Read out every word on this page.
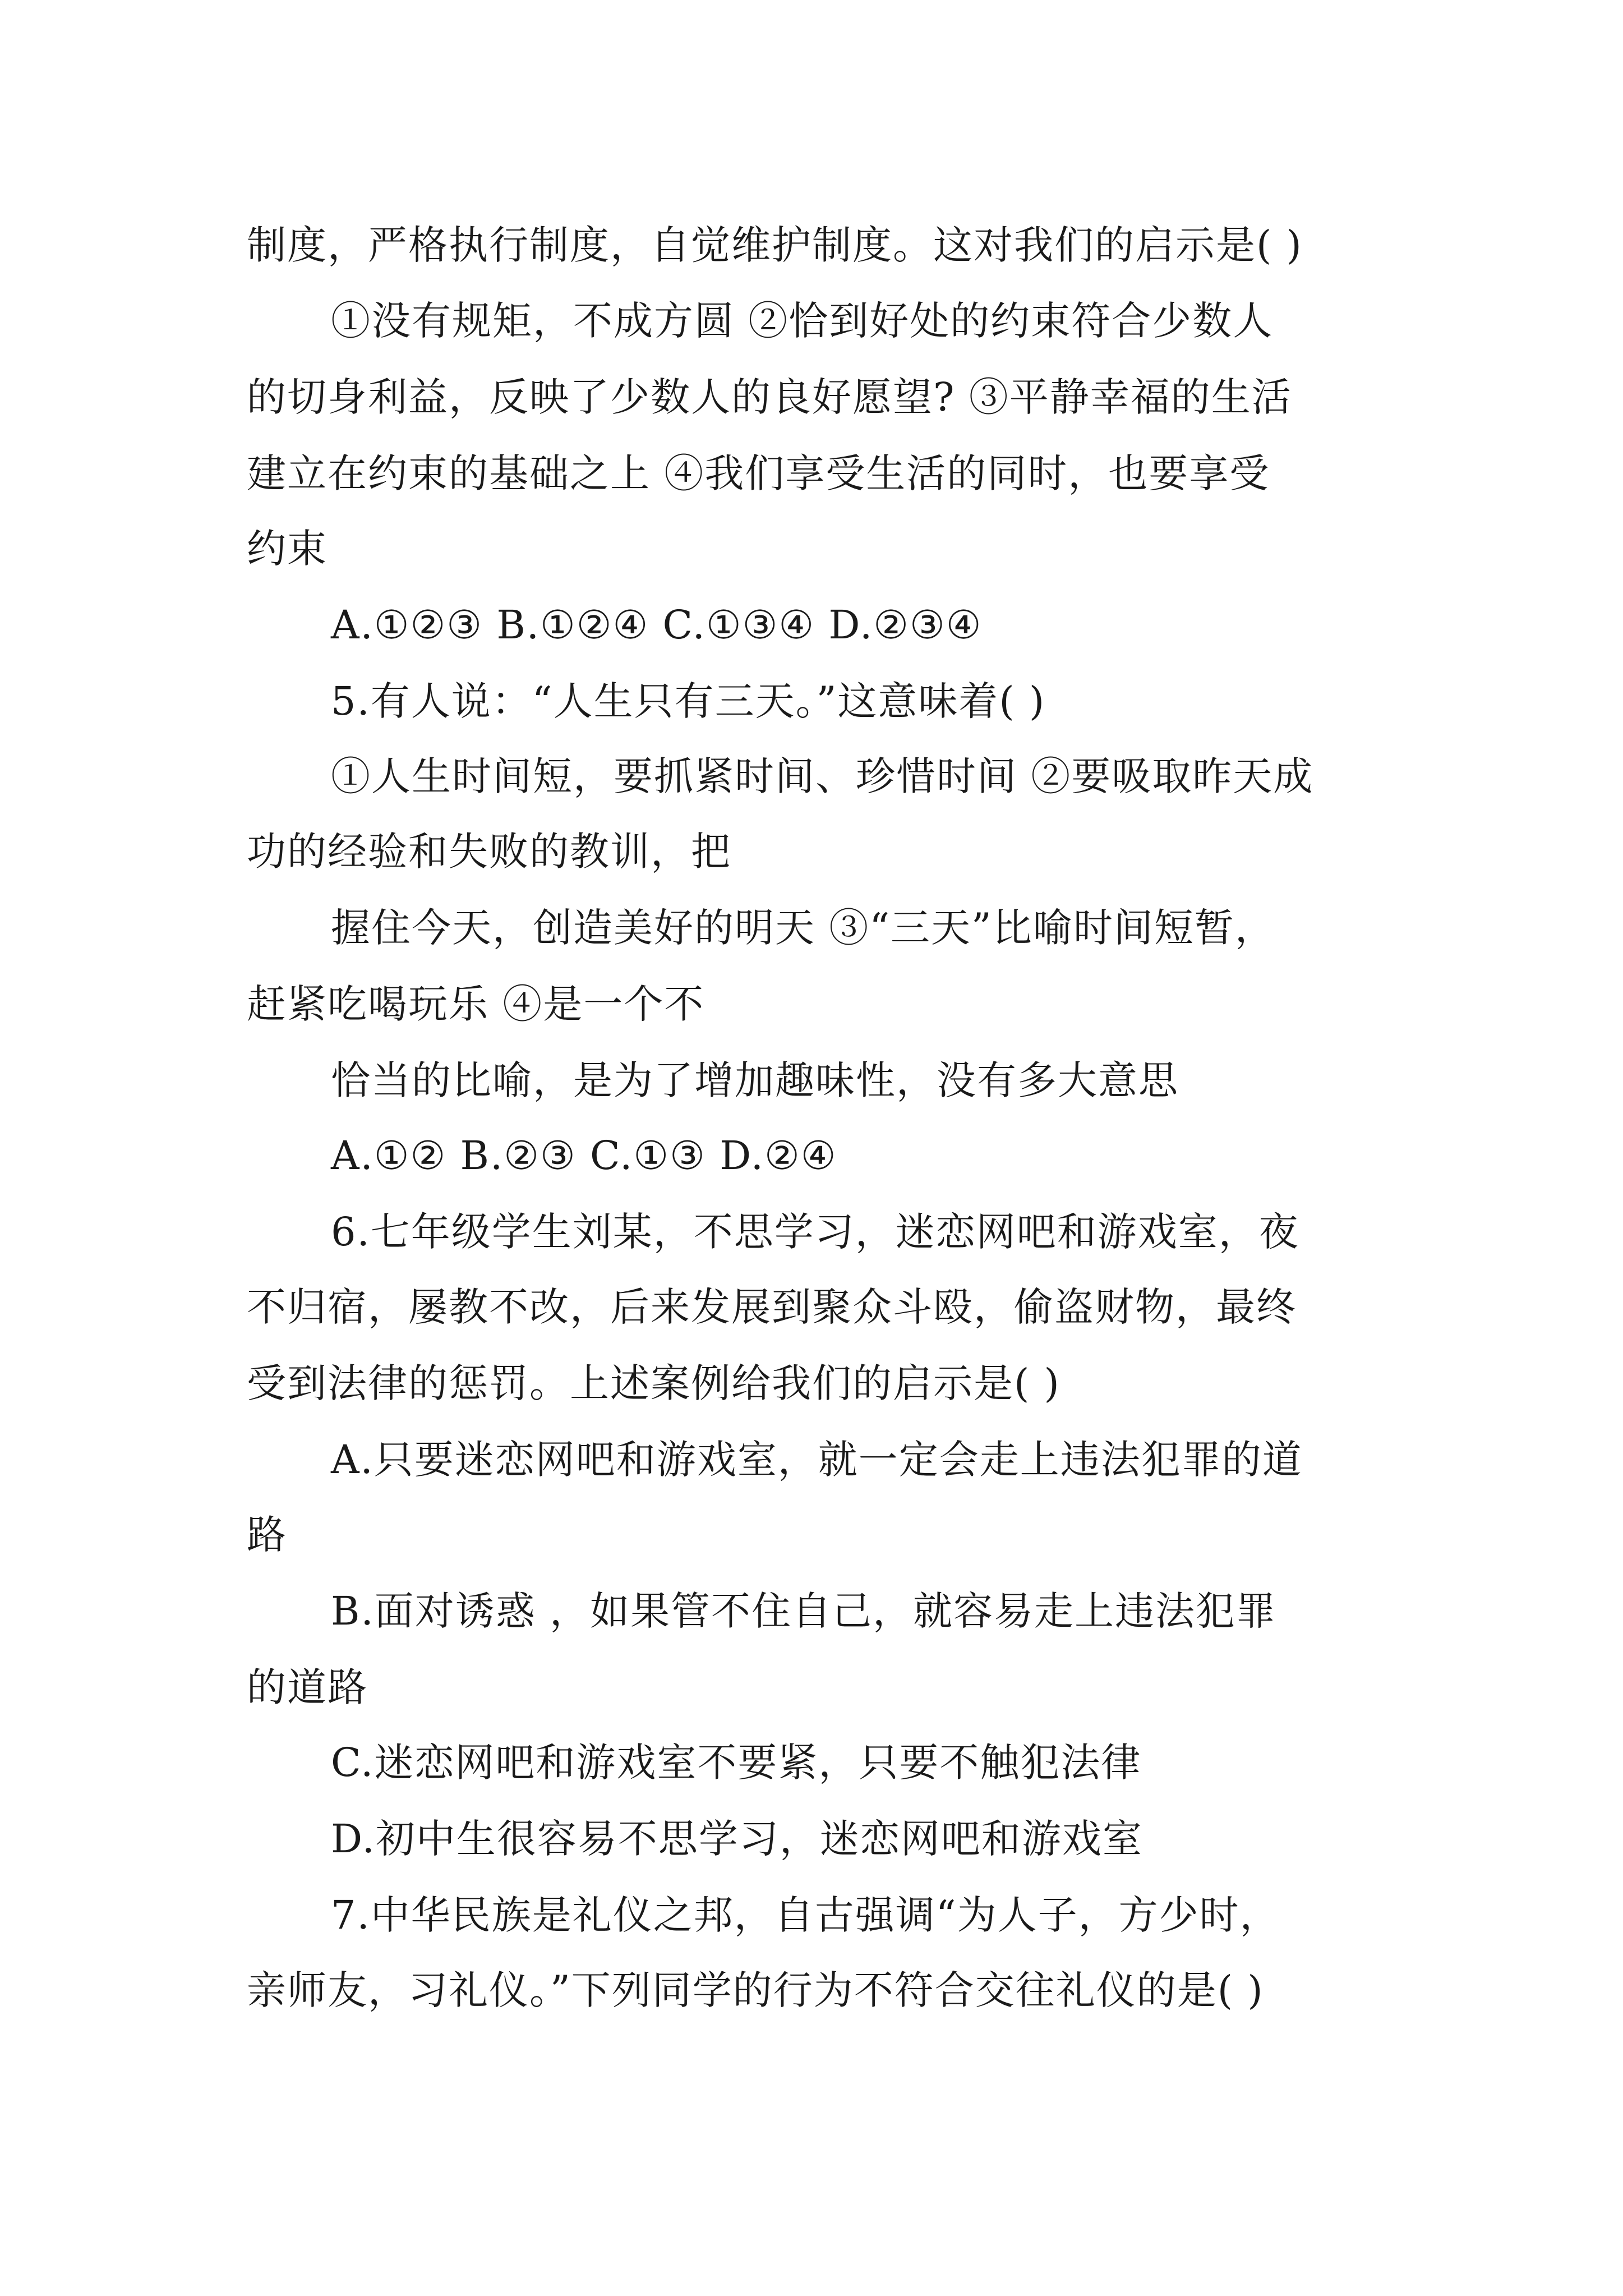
制度，严格执行制度，自觉维护制度。这对我们的启示是( )
①没有规矩，不成方圆 ②恰到好处的约束符合少数人
的切身利益，反映了少数人的良好愿望? ③平静幸福的生活
建立在约束的基础之上 ④我们享受生活的同时，也要享受
约束
A.①②③ B.①②④ C.①③④ D.②③④
5.有人说：“人生只有三天。”这意味着( )
①人生时间短，要抓紧时间、珍惜时间 ②要吸取昨天成
功的经验和失败的教训，把
握住今天，创造美好的明天 ③“三天”比喻时间短暂，
赶紧吃喝玩乐 ④是一个不
恰当的比喻，是为了增加趣味性，没有多大意思
A.①② B.②③ C.①③ D.②④
6.七年级学生刘某，不思学习，迷恋网吧和游戏室，夜
不归宿，屡教不改，后来发展到聚众斗殴，偷盗财物，最终
受到法律的惩罚。上述案例给我们的启示是( )
A.只要迷恋网吧和游戏室，就一定会走上违法犯罪的道
路
B.面对诱惑 ，如果管不住自己，就容易走上违法犯罪
的道路
C.迷恋网吧和游戏室不要紧，只要不触犯法律
D.初中生很容易不思学习，迷恋网吧和游戏室
7.中华民族是礼仪之邦，自古强调“为人子，方少时，
亲师友，习礼仪。”下列同学的行为不符合交往礼仪的是( )
